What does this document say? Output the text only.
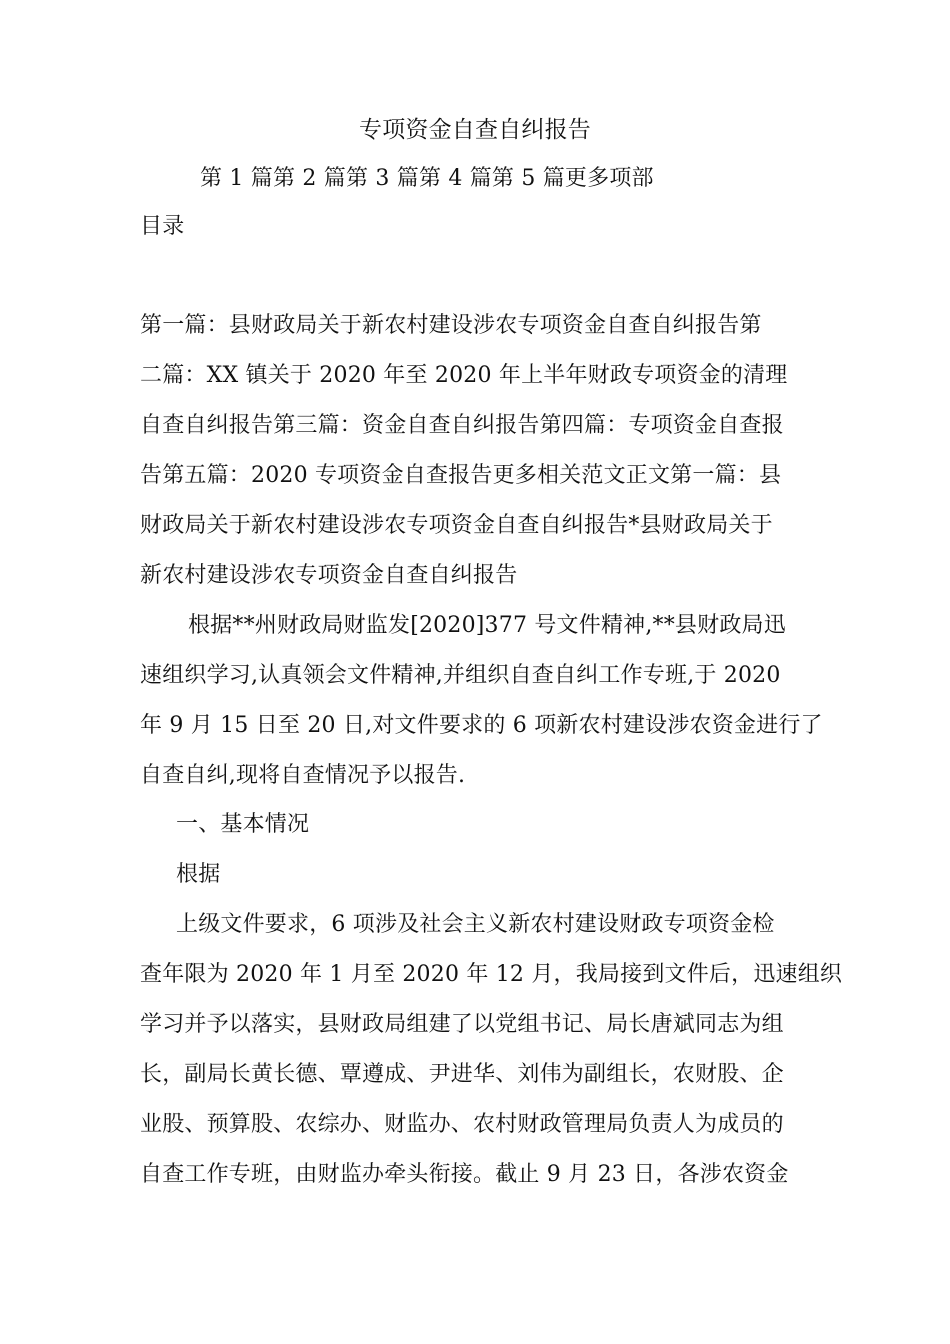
专项资金自查自纠报告
第 1 篇第 2 篇第 3 篇第 4 篇第 5 篇更多项部
目录
第一篇：县财政局关于新农村建设涉农专项资金自查自纠报告第
二篇：XX 镇关于 2020 年至 2020 年上半年财政专项资金的清理
自查自纠报告第三篇：资金自查自纠报告第四篇：专项资金自查报
告第五篇：2020 专项资金自查报告更多相关范文正文第一篇：县
财政局关于新农村建设涉农专项资金自查自纠报告*县财政局关于
新农村建设涉农专项资金自查自纠报告
根据**州财政局财监发[2020]377 号文件精神,**县财政局迅
速组织学习,认真领会文件精神,并组织自查自纠工作专班,于 2020
年 9 月 15 日至 20 日,对文件要求的 6 项新农村建设涉农资金进行了
自查自纠,现将自查情况予以报告.
一、基本情况
根据
上级文件要求，6 项涉及社会主义新农村建设财政专项资金检
查年限为 2020 年 1 月至 2020 年 12 月，我局接到文件后，迅速组织
学习并予以落实，县财政局组建了以党组书记、局长唐斌同志为组
长，副局长黄长德、覃遵成、尹进华、刘伟为副组长，农财股、企
业股、预算股、农综办、财监办、农村财政管理局负责人为成员的
自查工作专班，由财监办牵头衔接。截止 9 月 23 日，各涉农资金
